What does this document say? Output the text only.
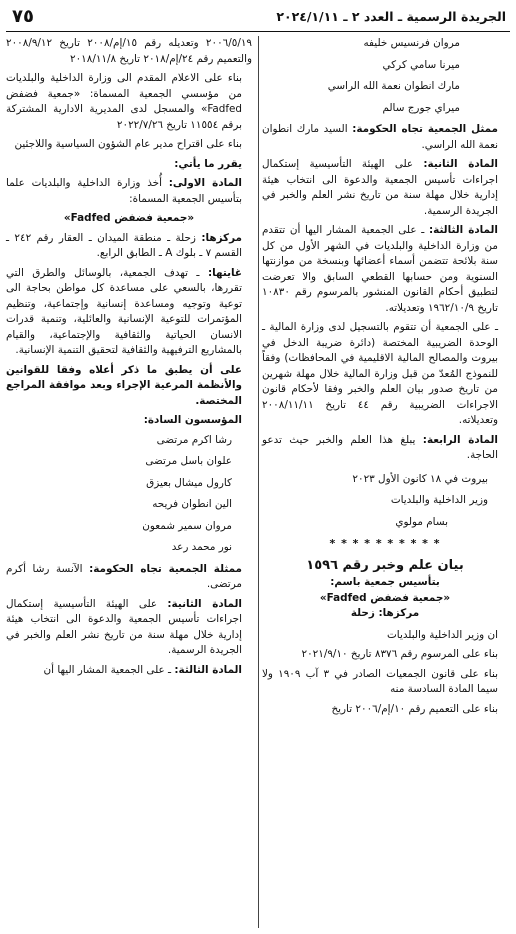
الجريدة الرسمية ـ العدد ٢ ـ ٢٠٢٤/١/١١
٧٥

مروان فرنسيس خليفه

ميرنا سامي كركي

مارك انطوان نعمة الله الراسي

ميراي جورج سالم

ممثل الجمعية تجاه الحكومة: السيد مارك انطوان نعمة الله الراسي.

المادة الثانية: على الهيئة التأسيسية إستكمال اجراءات تأسيس الجمعية والدعوة الى انتخاب هيئة إدارية خلال مهلة سنة من تاريخ نشر العلم والخبر في الجريدة الرسمية.

المادة الثالثة: ـ على الجمعية المشار اليها أن تتقدم من وزارة الداخلية والبلديات في الشهر الأول من كل سنة بلائحة تتضمن أسماء أعضائها وبنسخة من موازنتها السنوية ومن حسابها القطعي السابق والا تعرضت لتطبيق أحكام القانون المنشور بالمرسوم رقم ١٠٨٣٠ تاريخ ١٩٦٢/١٠/٩ وتعديلاته.

ـ على الجمعية أن تتقوم بالتسجيل لدى وزارة المالية ـ الوحدة الضريبية المختصة (دائرة ضريبة الدخل في بيروت والمصالح المالية الاقليمية في المحافظات) وفقاً للنموذج المُعدّ من قبل وزارة المالية خلال مهلة شهرين من تاريخ صدور بيان العلم والخبر وفقا لأحكام قانون الاجراءات الضريبية رقم ٤٤ تاريخ ٢٠٠٨/١١/١١ وتعديلاته.

المادة الرابعة: يبلغ هذا العلم والخبر حيث تدعو الحاجة.

بيروت في ١٨ كانون الأول ٢٠٢٣

وزير الداخلية والبلديات

بسام مولوي

* * * * * * * * * *
بيان علم وخبر رقم ١٥٩٦
بتأسيس جمعية باسم:
«جمعية فضفض Fadfed»
مركزها: زحلة

ان وزير الداخلية والبلديات

بناء على المرسوم رقم ٨٣٧٦ تاريخ ٢٠٢١/٩/١٠

بناء على قانون الجمعيات الصادر في ٣ آب ١٩٠٩ ولا سيما المادة السادسة منه

بناء على التعميم رقم ١٠/إم/٢٠٠٦ تاريخ

٢٠٠٦/٥/١٩ وتعديله رقم ١٥/إم/٢٠٠٨ تاريخ ٢٠٠٨/٩/١٢ والتعميم رقم ٢٤/إم/٢٠١٨ تاريخ ٢٠١٨/١١/٨

بناء على الاعلام المقدم الى وزارة الداخلية والبلديات من مؤسسي الجمعية المسماة: «جمعية فضفض Fadfed» والمسجل لدى المديرية الادارية المشتركة برقم ١١٥٥٤ تاريخ ٢٠٢٢/٧/٢٦

بناء على اقتراح مدير عام الشؤون السياسية واللاجئين

يقرر ما يأتي:

المادة الاولى: أُخذ وزارة الداخلية والبلديات علما بتأسيس الجمعية المسماة:

«جمعية فضفض Fadfed»

مركزها: زحلة ـ منطقة الميدان ـ العقار رقم ٢٤٢ ـ القسم ٧ ـ بلوك A ـ الطابق الرابع.

غايتها: ـ تهدف الجمعية، بالوسائل والطرق التي تقررها، بالسعي على مساعدة كل مواطن بحاجة الى توعية وتوجيه ومساعدة إنسانية وإجتماعية، وتنظيم المؤتمرات للتوعية الإنسانية والعائلية، وتنمية قدرات الانسان الحياتية والثقافية والإجتماعية، والقيام بالمشاريع الترفيهية والثقافية لتحقيق التنمية الإنسانية.

على أن يطبق ما ذكر أعلاه وفقا للقوانين والأنظمة المرعية الإجراء وبعد موافقة المراجع المختصة.

المؤسسون السادة:

رشا اكرم مرتضى

علوان باسل مرتضى

كارول ميشال بعيزق

الين انطوان فريحه

مروان سمير شمعون

نور محمد رعد

ممثلة الجمعية تجاه الحكومة: الآنسة رشا أكرم مرتضى.

المادة الثانية: على الهيئة التأسيسية إستكمال اجراءات تأسيس الجمعية والدعوة الى انتخاب هيئة إدارية خلال مهلة سنة من تاريخ نشر العلم والخبر في الجريدة الرسمية.

المادة الثالثة: ـ على الجمعية المشار اليها أن
